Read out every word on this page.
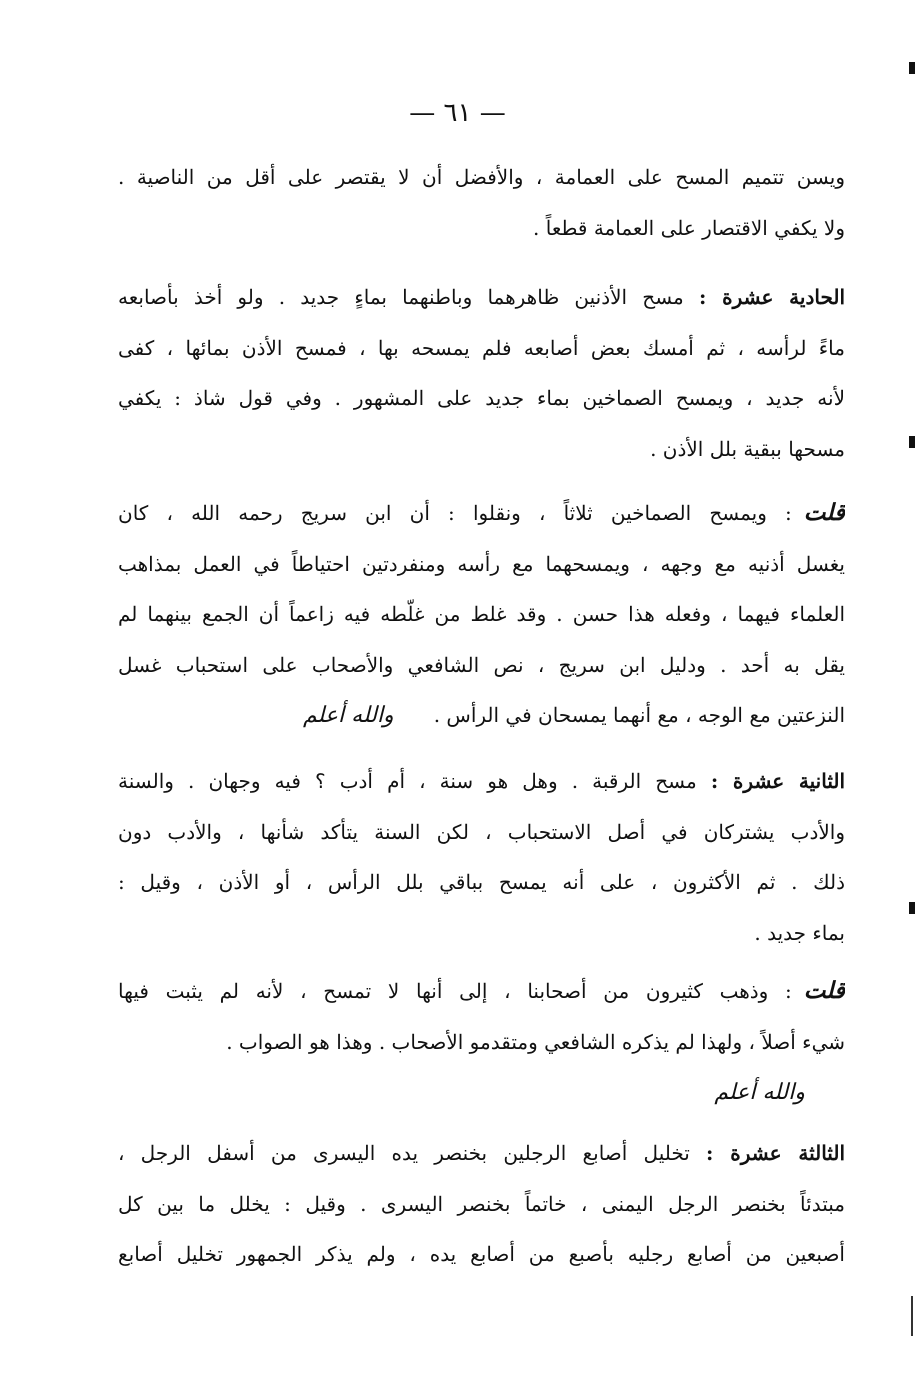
— ٦١ —
ويسن تتميم المسح على العمامة ، والأفضل أن لا يقتصر على أقل من الناصية .
ولا يكفي الاقتصار على العمامة قطعاً .
الحادية عشرة : مسح الأذنين ظاهرهما وباطنهما بماءٍ جديد . ولو أخذ بأصابعه
ماءً لرأسه ، ثم أمسك بعض أصابعه فلم يمسحه بها ، فمسح الأذن بمائها ، كفى
لأنه جديد ، ويمسح الصماخين بماء جديد على المشهور . وفي قول شاذ : يكفي
مسحها ببقية بلل الأذن .
قلت: ويمسح الصماخين ثلاثاً ، ونقلوا : أن ابن سريج رحمه الله ، كان
يغسل أذنيه مع وجهه ، ويمسحهما مع رأسه ومنفردتين احتياطاً في العمل بمذاهب
العلماء فيهما ، وفعله هذا حسن . وقد غلط من غلّطه فيه زاعماً أن الجمع بينهما لم
يقل به أحد . ودليل ابن سريج ، نص الشافعي والأصحاب على استحباب غسل
النزعتين مع الوجه ، مع أنهما يمسحان في الرأس .والله أعلم
الثانية عشرة : مسح الرقبة . وهل هو سنة ، أم أدب ؟ فيه وجهان . والسنة
والأدب يشتركان في أصل الاستحباب ، لكن السنة يتأكد شأنها ، والأدب دون
ذلك . ثم الأكثرون ، على أنه يمسح بباقي بلل الرأس ، أو الأذن ، وقيل :
بماء جديد .
قلت: وذهب كثيرون من أصحابنا ، إلى أنها لا تمسح ، لأنه لم يثبت فيها
شيء أصلاً ، ولهذا لم يذكره الشافعي ومتقدمو الأصحاب . وهذا هو الصواب .
والله أعلم
الثالثة عشرة : تخليل أصابع الرجلين بخنصر يده اليسرى من أسفل الرجل ،
مبتدئاً بخنصر الرجل اليمنى ، خاتماً بخنصر اليسرى . وقيل : يخلل ما بين كل
أصبعين من أصابع رجليه بأصبع من أصابع يده ، ولم يذكر الجمهور تخليل أصابع
